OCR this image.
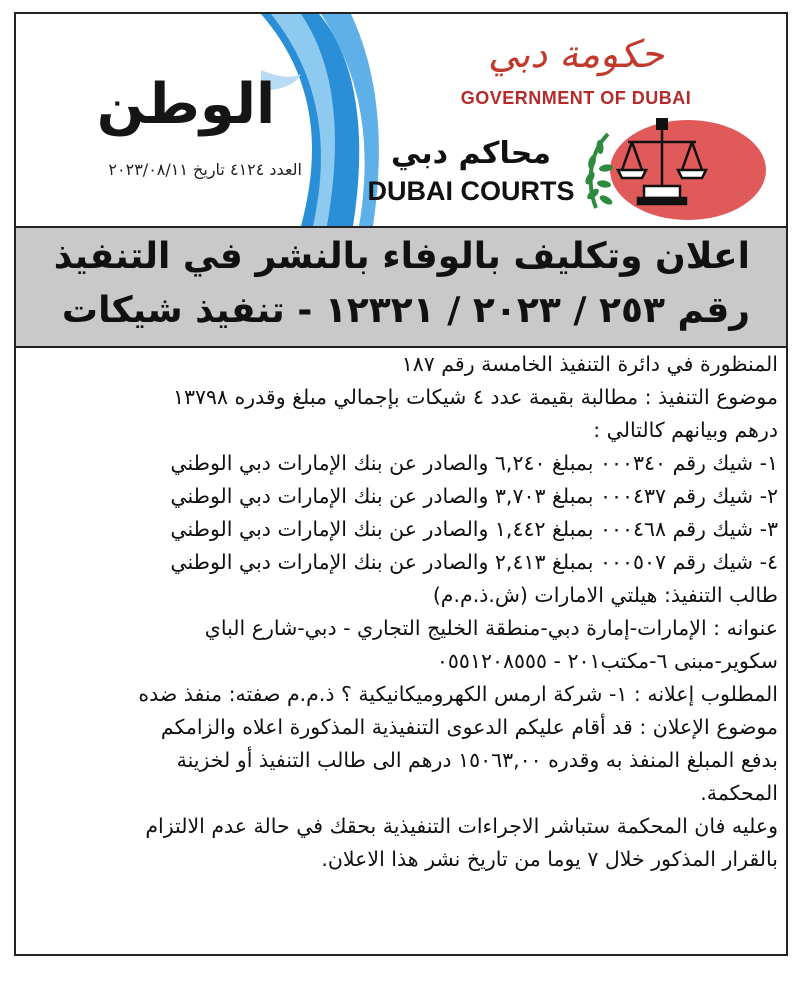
الوطن
العدد ٤١٢٤ تاريخ ٢٠٢٣/٠٨/١١
حكومة دبي
GOVERNMENT OF DUBAI
محاكم دبي
DUBAI COURTS
اعلان وتكليف بالوفاء بالنشر في التنفيذ
رقم ٢٥٣ / ٢٠٢٣ / ١٢٣٢١ - تنفيذ شيكات

المنظورة في دائرة التنفيذ الخامسة رقم ١٨٧

موضوع التنفيذ : مطالبة بقيمة عدد ٤ شيكات بإجمالي مبلغ وقدره ١٣٧٩٨

درهم وبيانهم كالتالي :

١- شيك رقم ٠٠٠٣٤٠ بمبلغ ٦,٢٤٠ والصادر عن بنك الإمارات دبي الوطني

٢- شيك رقم ٠٠٠٤٣٧ بمبلغ ٣,٧٠٣ والصادر عن بنك الإمارات دبي الوطني

٣- شيك رقم ٠٠٠٤٦٨ بمبلغ ١,٤٤٢ والصادر عن بنك الإمارات دبي الوطني

٤- شيك رقم ٠٠٠٥٠٧ بمبلغ ٢,٤١٣ والصادر عن بنك الإمارات دبي الوطني

طالب التنفيذ: هيلتي الامارات (ش.ذ.م.م)

عنوانه : الإمارات-إمارة دبي-منطقة الخليج التجاري - دبي-شارع الباي

سكوير-مبنى ٦-مكتب٢٠١ - ٠٥٥١٢٠٨٥٥٥

المطلوب إعلانه : ١- شركة ارمس الكهروميكانيكية ؟ ذ.م.م صفته: منفذ ضده

موضوع الإعلان : قد أقام عليكم الدعوى التنفيذية المذكورة اعلاه والزامكم

بدفع المبلغ المنفذ به وقدره ١٥٠٦٣,٠٠ درهم الى طالب التنفيذ أو لخزينة

المحكمة.

وعليه فان المحكمة ستباشر الاجراءات التنفيذية بحقك في حالة عدم الالتزام

بالقرار المذكور خلال ٧ يوما من تاريخ نشر هذا الاعلان.
